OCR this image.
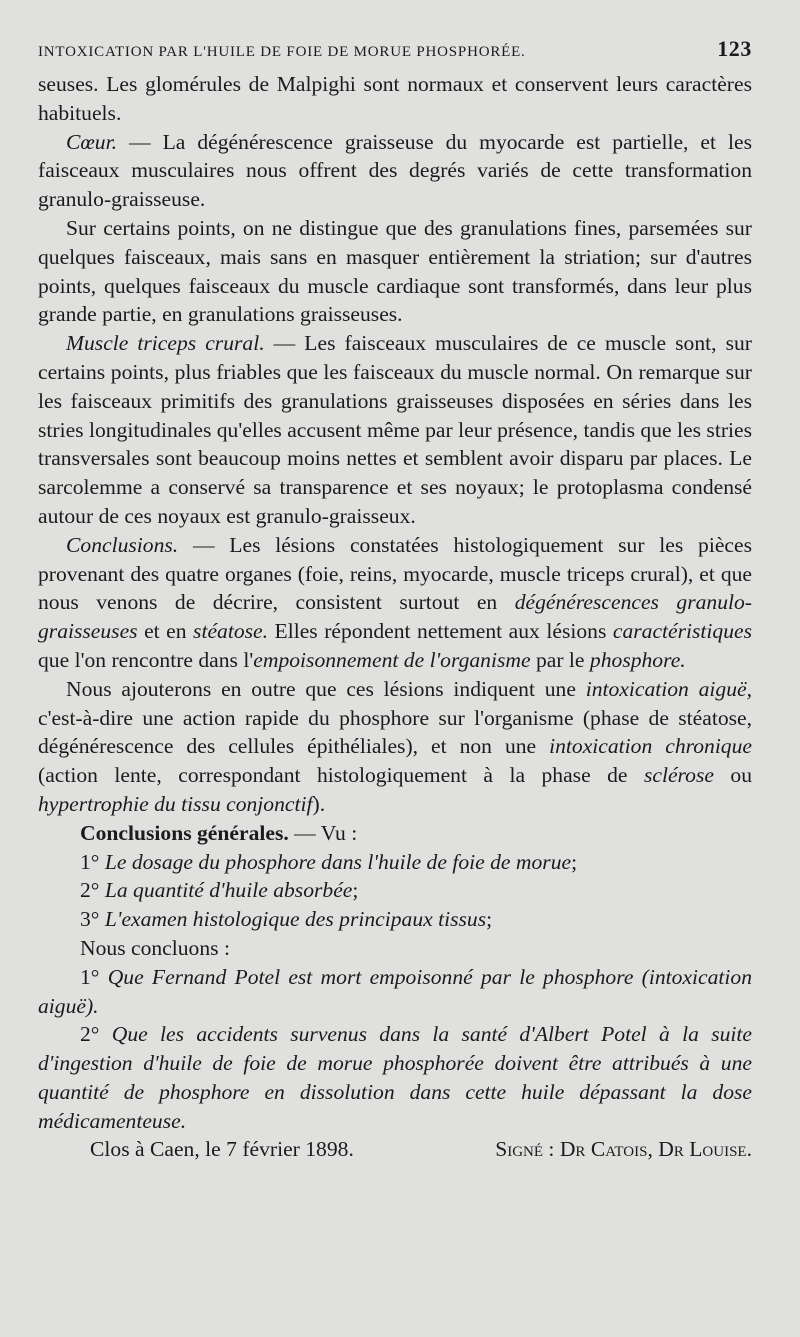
INTOXICATION PAR L'HUILE DE FOIE DE MORUE PHOSPHORÉE.	123

seuses. Les glomérules de Malpighi sont normaux et conservent leurs caractères habituels.

Cœur. — La dégénérescence graisseuse du myocarde est partielle, et les faisceaux musculaires nous offrent des degrés variés de cette transformation granulo-graisseuse.

Sur certains points, on ne distingue que des granulations fines, parsemées sur quelques faisceaux, mais sans en masquer entièrement la striation; sur d'autres points, quelques faisceaux du muscle cardiaque sont transformés, dans leur plus grande partie, en granulations graisseuses.

Muscle triceps crural. — Les faisceaux musculaires de ce muscle sont, sur certains points, plus friables que les faisceaux du muscle normal. On remarque sur les faisceaux primitifs des granulations graisseuses disposées en séries dans les stries longitudinales qu'elles accusent même par leur présence, tandis que les stries transversales sont beaucoup moins nettes et semblent avoir disparu par places. Le sarcolemme a conservé sa transparence et ses noyaux; le protoplasma condensé autour de ces noyaux est granulo-graisseux.

Conclusions. — Les lésions constatées histologiquement sur les pièces provenant des quatre organes (foie, reins, myocarde, muscle triceps crural), et que nous venons de décrire, consistent surtout en dégénérescences granulo-graisseuses et en stéatose. Elles répondent nettement aux lésions caractéristiques que l'on rencontre dans l'empoisonnement de l'organisme par le phosphore.

Nous ajouterons en outre que ces lésions indiquent une intoxication aiguë, c'est-à-dire une action rapide du phosphore sur l'organisme (phase de stéatose, dégénérescence des cellules épithéliales), et non une intoxication chronique (action lente, correspondant histologiquement à la phase de sclérose ou hypertrophie du tissu conjonctif).

Conclusions générales. — Vu :

1° Le dosage du phosphore dans l'huile de foie de morue;

2° La quantité d'huile absorbée;

3° L'examen histologique des principaux tissus;

Nous concluons :

1° Que Fernand Potel est mort empoisonné par le phosphore (intoxication aiguë).

2° Que les accidents survenus dans la santé d'Albert Potel à la suite d'ingestion d'huile de foie de morue phosphorée doivent être attribués à une quantité de phosphore en dissolution dans cette huile dépassant la dose médicamenteuse.

Clos à Caen, le 7 février 1898.	Signé : Dr Catois, Dr Louise.
